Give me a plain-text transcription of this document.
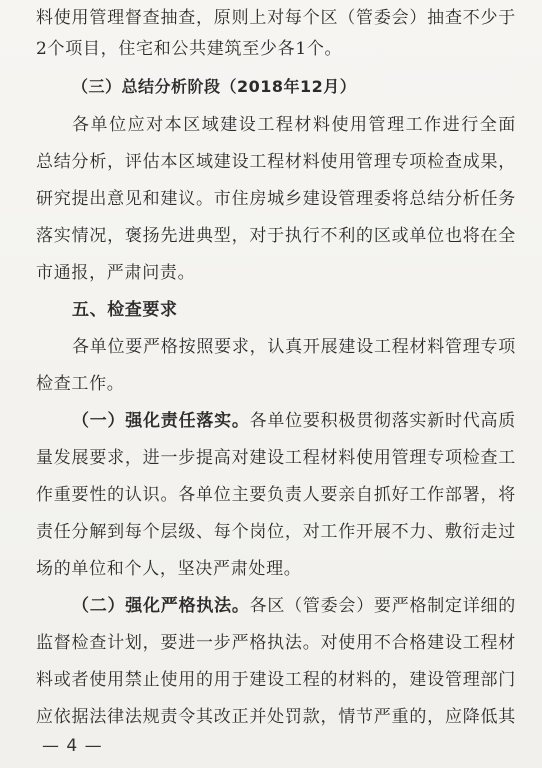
料使用管理督查抽查，原则上对每个区（管委会）抽查不少于
2个项目，住宅和公共建筑至少各1个。
（三）总结分析阶段（2018年12月）
各单位应对本区域建设工程材料使用管理工作进行全面
总结分析，评估本区域建设工程材料使用管理专项检查成果，
研究提出意见和建议。市住房城乡建设管理委将总结分析任务
落实情况，褒扬先进典型，对于执行不利的区或单位也将在全
市通报，严肃问责。
五、检查要求
各单位要严格按照要求，认真开展建设工程材料管理专项
检查工作。
（一）强化责任落实。各单位要积极贯彻落实新时代高质
量发展要求，进一步提高对建设工程材料使用管理专项检查工
作重要性的认识。各单位主要负责人要亲自抓好工作部署，将
责任分解到每个层级、每个岗位，对工作开展不力、敷衍走过
场的单位和个人，坚决严肃处理。
（二）强化严格执法。各区（管委会）要严格制定详细的
监督检查计划，要进一步严格执法。对使用不合格建设工程材
料或者使用禁止使用的用于建设工程的材料的，建设管理部门
应依据法律法规责令其改正并处罚款，情节严重的，应降低其
— 4 —
